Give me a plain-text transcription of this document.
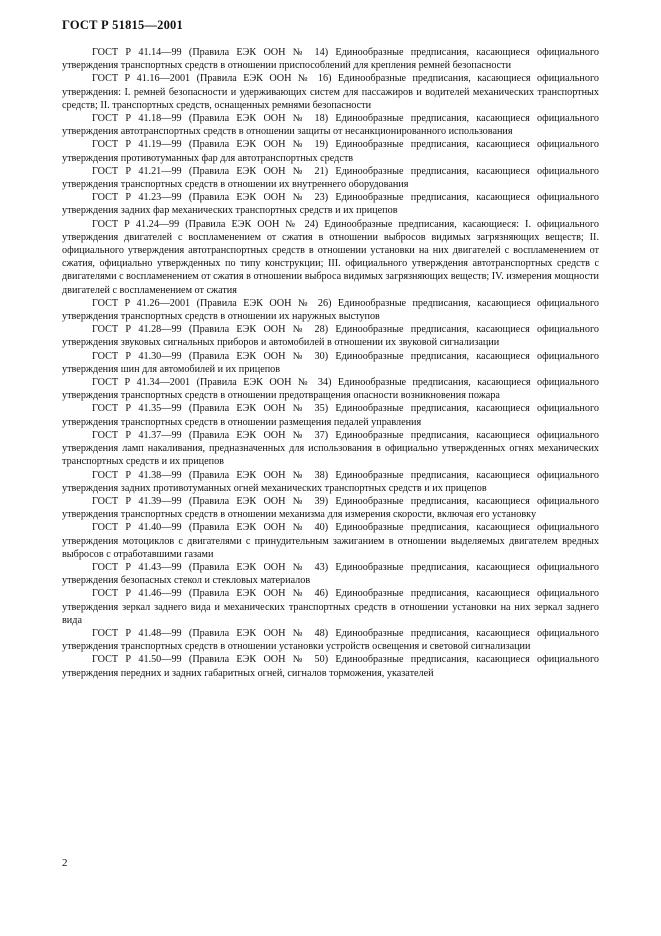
ГОСТ Р 51815—2001

ГОСТ Р 41.14—99 (Правила ЕЭК ООН № 14) Единообразные предписания, касающиеся официального утверждения транспортных средств в отношении приспособлений для крепления ремней безопасности

ГОСТ Р 41.16—2001 (Правила ЕЭК ООН № 16) Единообразные предписания, касающиеся официального утверждения: I. ремней безопасности и удерживающих систем для пассажиров и водителей механических транспортных средств; II. транспортных средств, оснащенных ремнями безопасности

ГОСТ Р 41.18—99 (Правила ЕЭК ООН № 18) Единообразные предписания, касающиеся официального утверждения автотранспортных средств в отношении защиты от несанкционированного использования

ГОСТ Р 41.19—99 (Правила ЕЭК ООН № 19) Единообразные предписания, касающиеся официального утверждения противотуманных фар для автотранспортных средств

ГОСТ Р 41.21—99 (Правила ЕЭК ООН № 21) Единообразные предписания, касающиеся официального утверждения транспортных средств в отношении их внутреннего оборудования

ГОСТ Р 41.23—99 (Правила ЕЭК ООН № 23) Единообразные предписания, касающиеся официального утверждения задних фар механических транспортных средств и их прицепов

ГОСТ Р 41.24—99 (Правила ЕЭК ООН № 24) Единообразные предписания, касающиеся: I. официального утверждения двигателей с воспламенением от сжатия в отношении выбросов видимых загрязняющих веществ; II. официального утверждения автотранспортных средств в отношении установки на них двигателей с воспламенением от сжатия, официально утвержденных по типу конструкции; III. официального утверждения автотранспортных средств с двигателями с воспламенением от сжатия в отношении выброса видимых загрязняющих веществ; IV. измерения мощности двигателей с воспламенением от сжатия

ГОСТ Р 41.26—2001 (Правила ЕЭК ООН № 26) Единообразные предписания, касающиеся официального утверждения транспортных средств в отношении их наружных выступов

ГОСТ Р 41.28—99 (Правила ЕЭК ООН № 28) Единообразные предписания, касающиеся официального утверждения звуковых сигнальных приборов и автомобилей в отношении их звуковой сигнализации

ГОСТ Р 41.30—99 (Правила ЕЭК ООН № 30) Единообразные предписания, касающиеся официального утверждения шин для автомобилей и их прицепов

ГОСТ Р 41.34—2001 (Правила ЕЭК ООН № 34) Единообразные предписания, касающиеся официального утверждения транспортных средств в отношении предотвращения опасности возникновения пожара

ГОСТ Р 41.35—99 (Правила ЕЭК ООН № 35) Единообразные предписания, касающиеся официального утверждения транспортных средств в отношении размещения педалей управления

ГОСТ Р 41.37—99 (Правила ЕЭК ООН № 37) Единообразные предписания, касающиеся официального утверждения ламп накаливания, предназначенных для использования в официально утвержденных огнях механических транспортных средств и их прицепов

ГОСТ Р 41.38—99 (Правила ЕЭК ООН № 38) Единообразные предписания, касающиеся официального утверждения задних противотуманных огней механических транспортных средств и их прицепов

ГОСТ Р 41.39—99 (Правила ЕЭК ООН № 39) Единообразные предписания, касающиеся официального утверждения транспортных средств в отношении механизма для измерения скорости, включая его установку

ГОСТ Р 41.40—99 (Правила ЕЭК ООН № 40) Единообразные предписания, касающиеся официального утверждения мотоциклов с двигателями с принудительным зажиганием в отношении выделяемых двигателем вредных выбросов с отработавшими газами

ГОСТ Р 41.43—99 (Правила ЕЭК ООН № 43) Единообразные предписания, касающиеся официального утверждения безопасных стекол и стекловых материалов

ГОСТ Р 41.46—99 (Правила ЕЭК ООН № 46) Единообразные предписания, касающиеся официального утверждения зеркал заднего вида и механических транспортных средств в отношении установки на них зеркал заднего вида

ГОСТ Р 41.48—99 (Правила ЕЭК ООН № 48) Единообразные предписания, касающиеся официального утверждения транспортных средств в отношении установки устройств освещения и световой сигнализации

ГОСТ Р 41.50—99 (Правила ЕЭК ООН № 50) Единообразные предписания, касающиеся официального утверждения передних и задних габаритных огней, сигналов торможения, указателей

2
